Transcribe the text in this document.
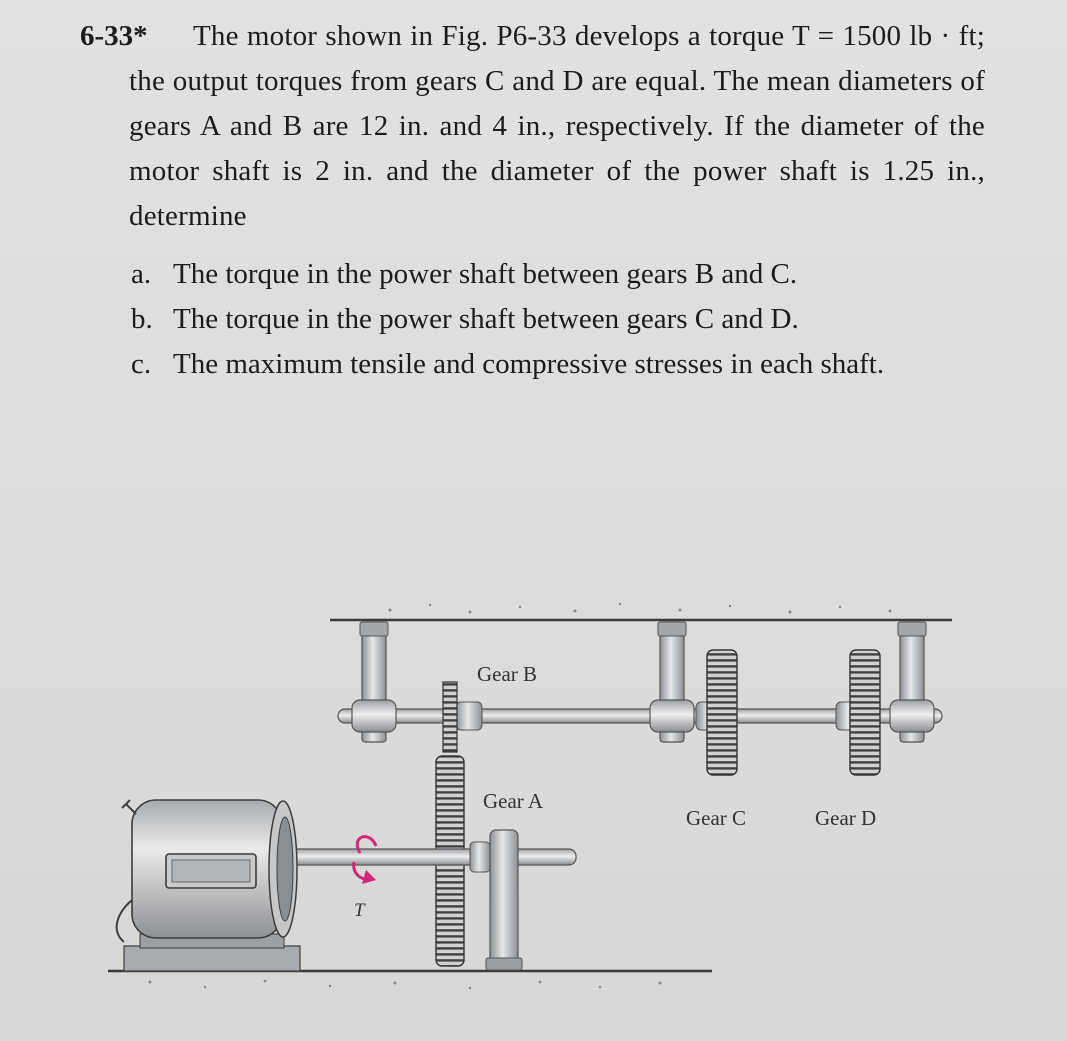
6-33*	The motor shown in Fig. P6-33 develops a torque T = 1500 lb · ft; the output torques from gears C and D are equal. The mean diameters of gears A and B are 12 in. and 4 in., respectively. If the diameter of the motor shaft is 2 in. and the diameter of the power shaft is 1.25 in., determine
a. The torque in the power shaft between gears B and C.
b. The torque in the power shaft between gears C and D.
c. The maximum tensile and compressive stresses in each shaft.
Gear B
Gear A
Gear C	Gear D
T
